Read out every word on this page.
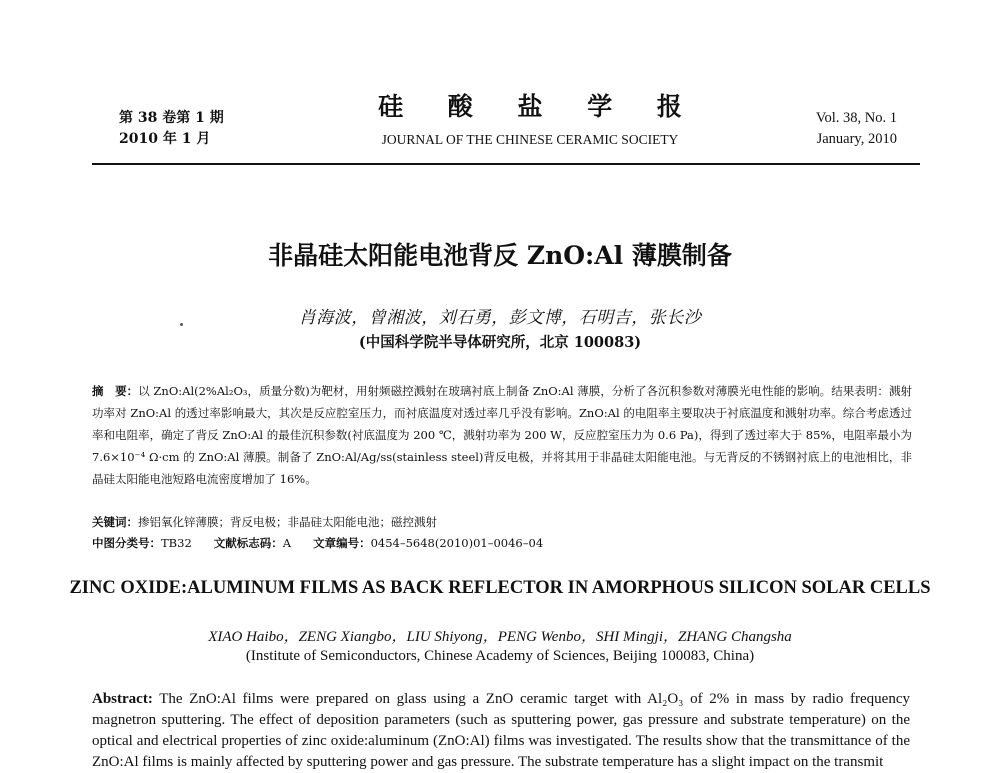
第 38 卷第 1 期
2010 年 1 月
硅 酸 盐 学 报
JOURNAL OF THE CHINESE CERAMIC SOCIETY
Vol. 38, No. 1
January, 2010
非晶硅太阳能电池背反 ZnO:Al 薄膜制备
肖海波，曾湘波，刘石勇，彭文博，石明吉，张长沙
(中国科学院半导体研究所，北京 100083)
摘　要：以 ZnO:Al(2%Al₂O₃，质量分数)为靶材，用射频磁控溅射在玻璃衬底上制备 ZnO:Al 薄膜，分析了各沉积参数对薄膜光电性能的影响。结果表明：溅射功率对 ZnO:Al 的透过率影响最大，其次是反应腔室压力，而衬底温度对透过率几乎没有影响。ZnO:Al 的电阻率主要取决于衬底温度和溅射功率。综合考虑透过率和电阻率，确定了背反 ZnO:Al 的最佳沉积参数(衬底温度为 200 ℃，溅射功率为 200 W，反应腔室压力为 0.6 Pa)，得到了透过率大于 85%，电阻率最小为 7.6×10⁻⁴ Ω·cm 的 ZnO:Al 薄膜。制备了 ZnO:Al/Ag/ss(stainless steel)背反电极，并将其用于非晶硅太阳能电池。与无背反的不锈钢衬底上的电池相比，非晶硅太阳能电池短路电流密度增加了 16%。
关键词：掺铝氧化锌薄膜；背反电极；非晶硅太阳能电池；磁控溅射
中图分类号：TB32 文献标志码：A 文章编号：0454–5648(2010)01–0046–04
ZINC OXIDE:ALUMINUM FILMS AS BACK REFLECTOR IN AMORPHOUS SILICON SOLAR CELLS
XIAO Haibo，ZENG Xiangbo，LIU Shiyong，PENG Wenbo，SHI Mingji，ZHANG Changsha
(Institute of Semiconductors, Chinese Academy of Sciences, Beijing 100083, China)
Abstract: The ZnO:Al films were prepared on glass using a ZnO ceramic target with Al₂O₃ of 2% in mass by radio frequency magnetron sputtering. The effect of deposition parameters (such as sputtering power, gas pressure and substrate temperature) on the optical and electrical properties of zinc oxide:aluminum (ZnO:Al) films was investigated. The results show that the transmittance of the ZnO:Al films is mainly affected by sputtering power and gas pressure. The substrate temperature has a slight impact on the transmit
